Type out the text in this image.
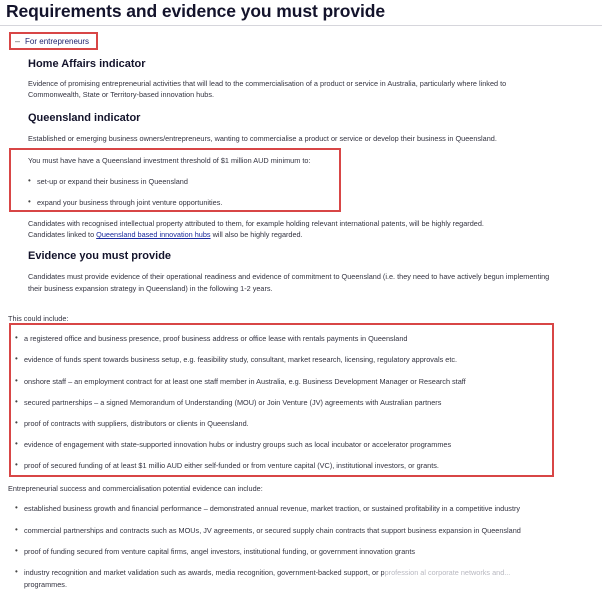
Requirements and evidence you must provide
– For entrepreneurs
Home Affairs indicator
Evidence of promising entrepreneurial activities that will lead to the commercialisation of a product or service in Australia, particularly where linked to
Commonwealth, State or Territory-based innovation hubs.
Queensland indicator
Established or emerging business owners/entrepreneurs, wanting to commercialise a product or service or develop their business in Queensland.
You must have have a Queensland investment threshold of $1 million AUD minimum to:
• set-up or expand their business in Queensland
• expand your business through joint venture opportunities.
Candidates with recognised intellectual property attributed to them, for example holding relevant international patents, will be highly regarded.
Candidates linked to Queensland based innovation hubs will also be highly regarded.
Evidence you must provide
Candidates must provide evidence of their operational readiness and evidence of commitment to Queensland (i.e. they need to have actively begun implementing
their business expansion strategy in Queensland) in the following 1-2 years.
This could include:
• a registered office and business presence, proof business address or office lease with rentals payments in Queensland
• evidence of funds spent towards business setup, e.g. feasibility study, consultant, market research, licensing, regulatory approvals etc.
• onshore staff – an employment contract for at least one staff member in Australia, e.g. Business Development Manager or Research staff
• secured partnerships – a signed Memorandum of Understanding (MOU) or Join Venture (JV) agreements with Australian partners
• proof of contracts with suppliers, distributors or clients in Queensland.
• evidence of engagement with state-supported innovation hubs or industry groups such as local incubator or accelerator programmes
• proof of secured funding of at least $1 millio AUD either self-funded or from venture capital (VC), institutional investors, or grants.
Entrepreneurial success and commercialisation potential evidence can include:
• established business growth and financial performance – demonstrated annual revenue, market traction, or sustained profitability in a competitive industry
• commercial partnerships and contracts such as MOUs, JV agreements, or secured supply chain contracts that support business expansion in Queensland
• proof of funding secured from venture capital firms, angel investors, institutional funding, or government innovation grants
• industry recognition and market validation such as awards, media recognition, government-backed support, or pprofession al corporate networks and...
programmes.
